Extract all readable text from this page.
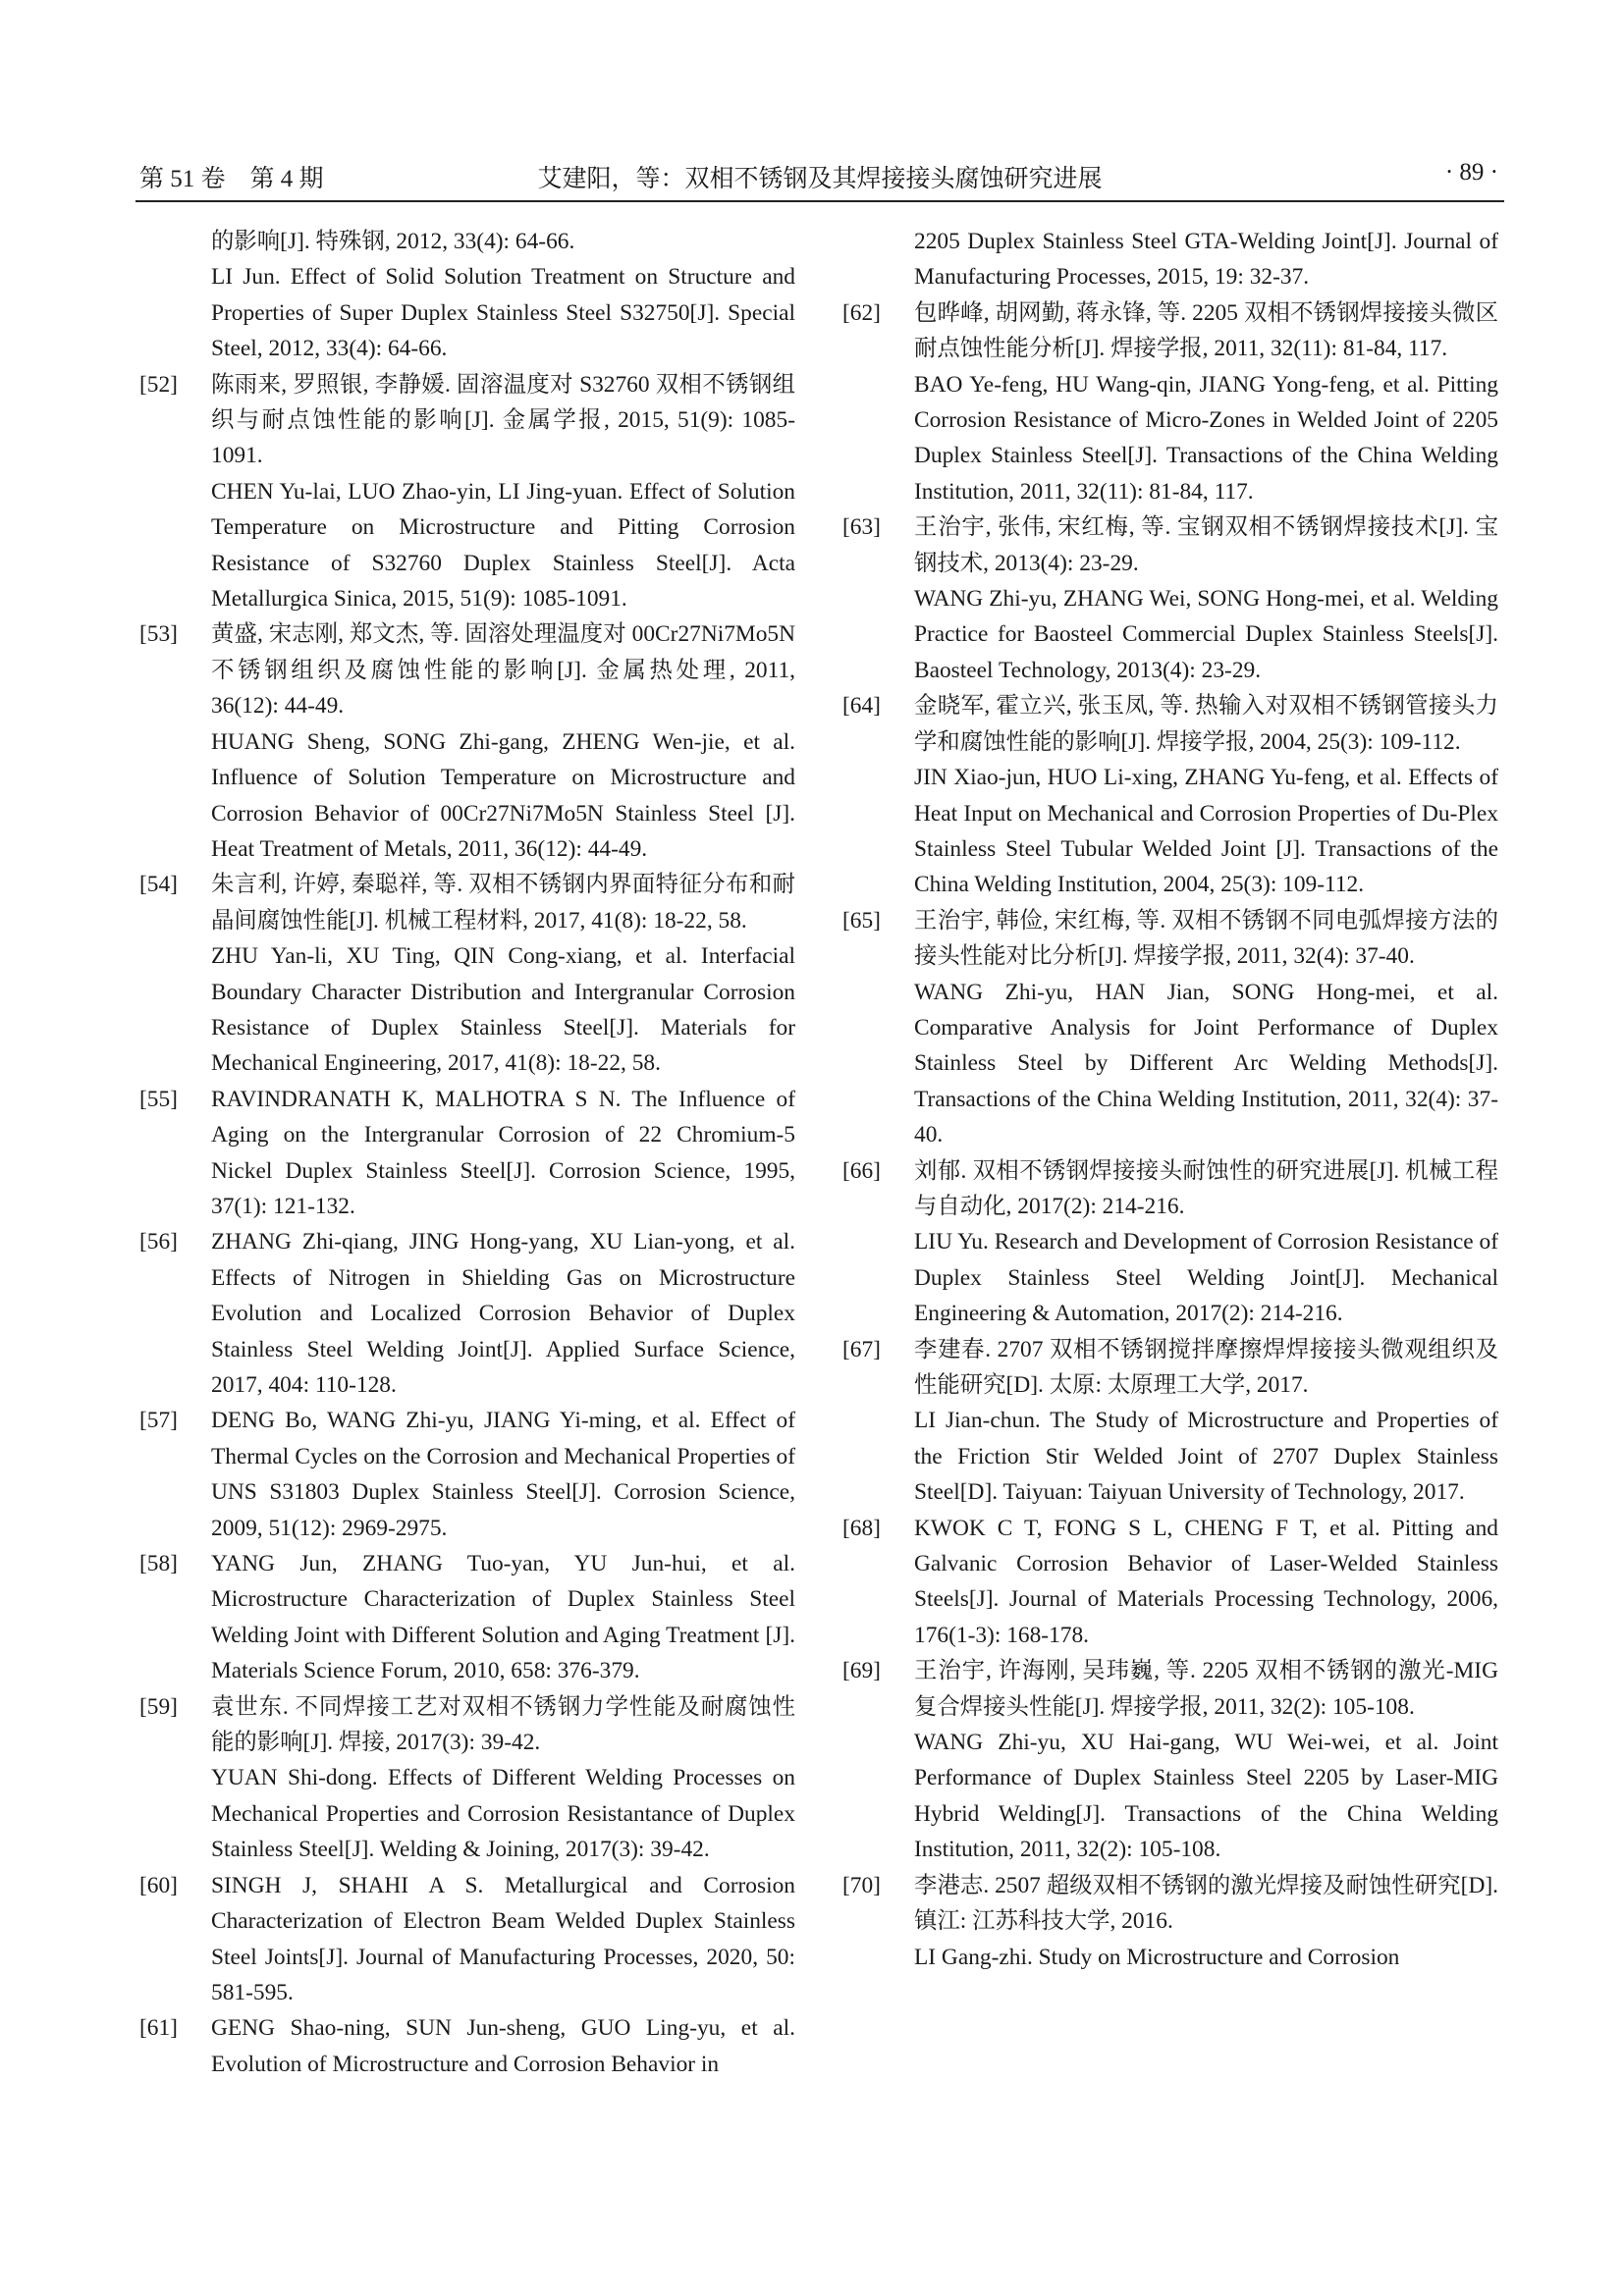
第 51 卷　第 4 期	艾建阳，等：双相不锈钢及其焊接接头腐蚀研究进展	· 89 ·
的影响[J]. 特殊钢, 2012, 33(4): 64-66.
LI Jun. Effect of Solid Solution Treatment on Structure and Properties of Super Duplex Stainless Steel S32750[J]. Special Steel, 2012, 33(4): 64-66.
[52] 陈雨来, 罗照银, 李静媛. 固溶温度对 S32760 双相不锈钢组织与耐点蚀性能的影响[J]. 金属学报, 2015, 51(9): 1085-1091.
CHEN Yu-lai, LUO Zhao-yin, LI Jing-yuan. Effect of Solution Temperature on Microstructure and Pitting Corrosion Resistance of S32760 Duplex Stainless Steel[J]. Acta Metallurgica Sinica, 2015, 51(9): 1085-1091.
[53] 黄盛, 宋志刚, 郑文杰, 等. 固溶处理温度对 00Cr27Ni7Mo5N 不锈钢组织及腐蚀性能的影响[J]. 金属热处理, 2011, 36(12): 44-49.
HUANG Sheng, SONG Zhi-gang, ZHENG Wen-jie, et al. Influence of Solution Temperature on Microstructure and Corrosion Behavior of 00Cr27Ni7Mo5N Stainless Steel [J]. Heat Treatment of Metals, 2011, 36(12): 44-49.
[54] 朱言利, 许婷, 秦聪祥, 等. 双相不锈钢内界面特征分布和耐晶间腐蚀性能[J]. 机械工程材料, 2017, 41(8): 18-22, 58.
ZHU Yan-li, XU Ting, QIN Cong-xiang, et al. Interfacial Boundary Character Distribution and Intergranular Corrosion Resistance of Duplex Stainless Steel[J]. Materials for Mechanical Engineering, 2017, 41(8): 18-22, 58.
[55] RAVINDRANATH K, MALHOTRA S N. The Influence of Aging on the Intergranular Corrosion of 22 Chromium-5 Nickel Duplex Stainless Steel[J]. Corrosion Science, 1995, 37(1): 121-132.
[56] ZHANG Zhi-qiang, JING Hong-yang, XU Lian-yong, et al. Effects of Nitrogen in Shielding Gas on Microstructure Evolution and Localized Corrosion Behavior of Duplex Stainless Steel Welding Joint[J]. Applied Surface Science, 2017, 404: 110-128.
[57] DENG Bo, WANG Zhi-yu, JIANG Yi-ming, et al. Effect of Thermal Cycles on the Corrosion and Mechanical Properties of UNS S31803 Duplex Stainless Steel[J]. Corrosion Science, 2009, 51(12): 2969-2975.
[58] YANG Jun, ZHANG Tuo-yan, YU Jun-hui, et al. Microstructure Characterization of Duplex Stainless Steel Welding Joint with Different Solution and Aging Treatment [J]. Materials Science Forum, 2010, 658: 376-379.
[59] 袁世东. 不同焊接工艺对双相不锈钢力学性能及耐腐蚀性能的影响[J]. 焊接, 2017(3): 39-42.
YUAN Shi-dong. Effects of Different Welding Processes on Mechanical Properties and Corrosion Resistantance of Duplex Stainless Steel[J]. Welding & Joining, 2017(3): 39-42.
[60] SINGH J, SHAHI A S. Metallurgical and Corrosion Characterization of Electron Beam Welded Duplex Stainless Steel Joints[J]. Journal of Manufacturing Processes, 2020, 50: 581-595.
[61] GENG Shao-ning, SUN Jun-sheng, GUO Ling-yu, et al. Evolution of Microstructure and Corrosion Behavior in
2205 Duplex Stainless Steel GTA-Welding Joint[J]. Journal of Manufacturing Processes, 2015, 19: 32-37.
[62] 包晔峰, 胡网勤, 蒋永锋, 等. 2205 双相不锈钢焊接接头微区耐点蚀性能分析[J]. 焊接学报, 2011, 32(11): 81-84, 117.
BAO Ye-feng, HU Wang-qin, JIANG Yong-feng, et al. Pitting Corrosion Resistance of Micro-Zones in Welded Joint of 2205 Duplex Stainless Steel[J]. Transactions of the China Welding Institution, 2011, 32(11): 81-84, 117.
[63] 王治宇, 张伟, 宋红梅, 等. 宝钢双相不锈钢焊接技术[J]. 宝钢技术, 2013(4): 23-29.
WANG Zhi-yu, ZHANG Wei, SONG Hong-mei, et al. Welding Practice for Baosteel Commercial Duplex Stainless Steels[J]. Baosteel Technology, 2013(4): 23-29.
[64] 金晓军, 霍立兴, 张玉凤, 等. 热输入对双相不锈钢管接头力学和腐蚀性能的影响[J]. 焊接学报, 2004, 25(3): 109-112.
JIN Xiao-jun, HUO Li-xing, ZHANG Yu-feng, et al. Effects of Heat Input on Mechanical and Corrosion Properties of Du-Plex Stainless Steel Tubular Welded Joint [J]. Transactions of the China Welding Institution, 2004, 25(3): 109-112.
[65] 王治宇, 韩俭, 宋红梅, 等. 双相不锈钢不同电弧焊接方法的接头性能对比分析[J]. 焊接学报, 2011, 32(4): 37-40.
WANG Zhi-yu, HAN Jian, SONG Hong-mei, et al. Comparative Analysis for Joint Performance of Duplex Stainless Steel by Different Arc Welding Methods[J]. Transactions of the China Welding Institution, 2011, 32(4): 37-40.
[66] 刘郁. 双相不锈钢焊接接头耐蚀性的研究进展[J]. 机械工程与自动化, 2017(2): 214-216.
LIU Yu. Research and Development of Corrosion Resistance of Duplex Stainless Steel Welding Joint[J]. Mechanical Engineering & Automation, 2017(2): 214-216.
[67] 李建春. 2707 双相不锈钢搅拌摩擦焊焊接接头微观组织及性能研究[D]. 太原: 太原理工大学, 2017.
LI Jian-chun. The Study of Microstructure and Properties of the Friction Stir Welded Joint of 2707 Duplex Stainless Steel[D]. Taiyuan: Taiyuan University of Technology, 2017.
[68] KWOK C T, FONG S L, CHENG F T, et al. Pitting and Galvanic Corrosion Behavior of Laser-Welded Stainless Steels[J]. Journal of Materials Processing Technology, 2006, 176(1-3): 168-178.
[69] 王治宇, 许海刚, 吴玮巍, 等. 2205 双相不锈钢的激光-MIG 复合焊接头性能[J]. 焊接学报, 2011, 32(2): 105-108.
WANG Zhi-yu, XU Hai-gang, WU Wei-wei, et al. Joint Performance of Duplex Stainless Steel 2205 by Laser-MIG Hybrid Welding[J]. Transactions of the China Welding Institution, 2011, 32(2): 105-108.
[70] 李港志. 2507 超级双相不锈钢的激光焊接及耐蚀性研究[D]. 镇江: 江苏科技大学, 2016.
LI Gang-zhi. Study on Microstructure and Corrosion
